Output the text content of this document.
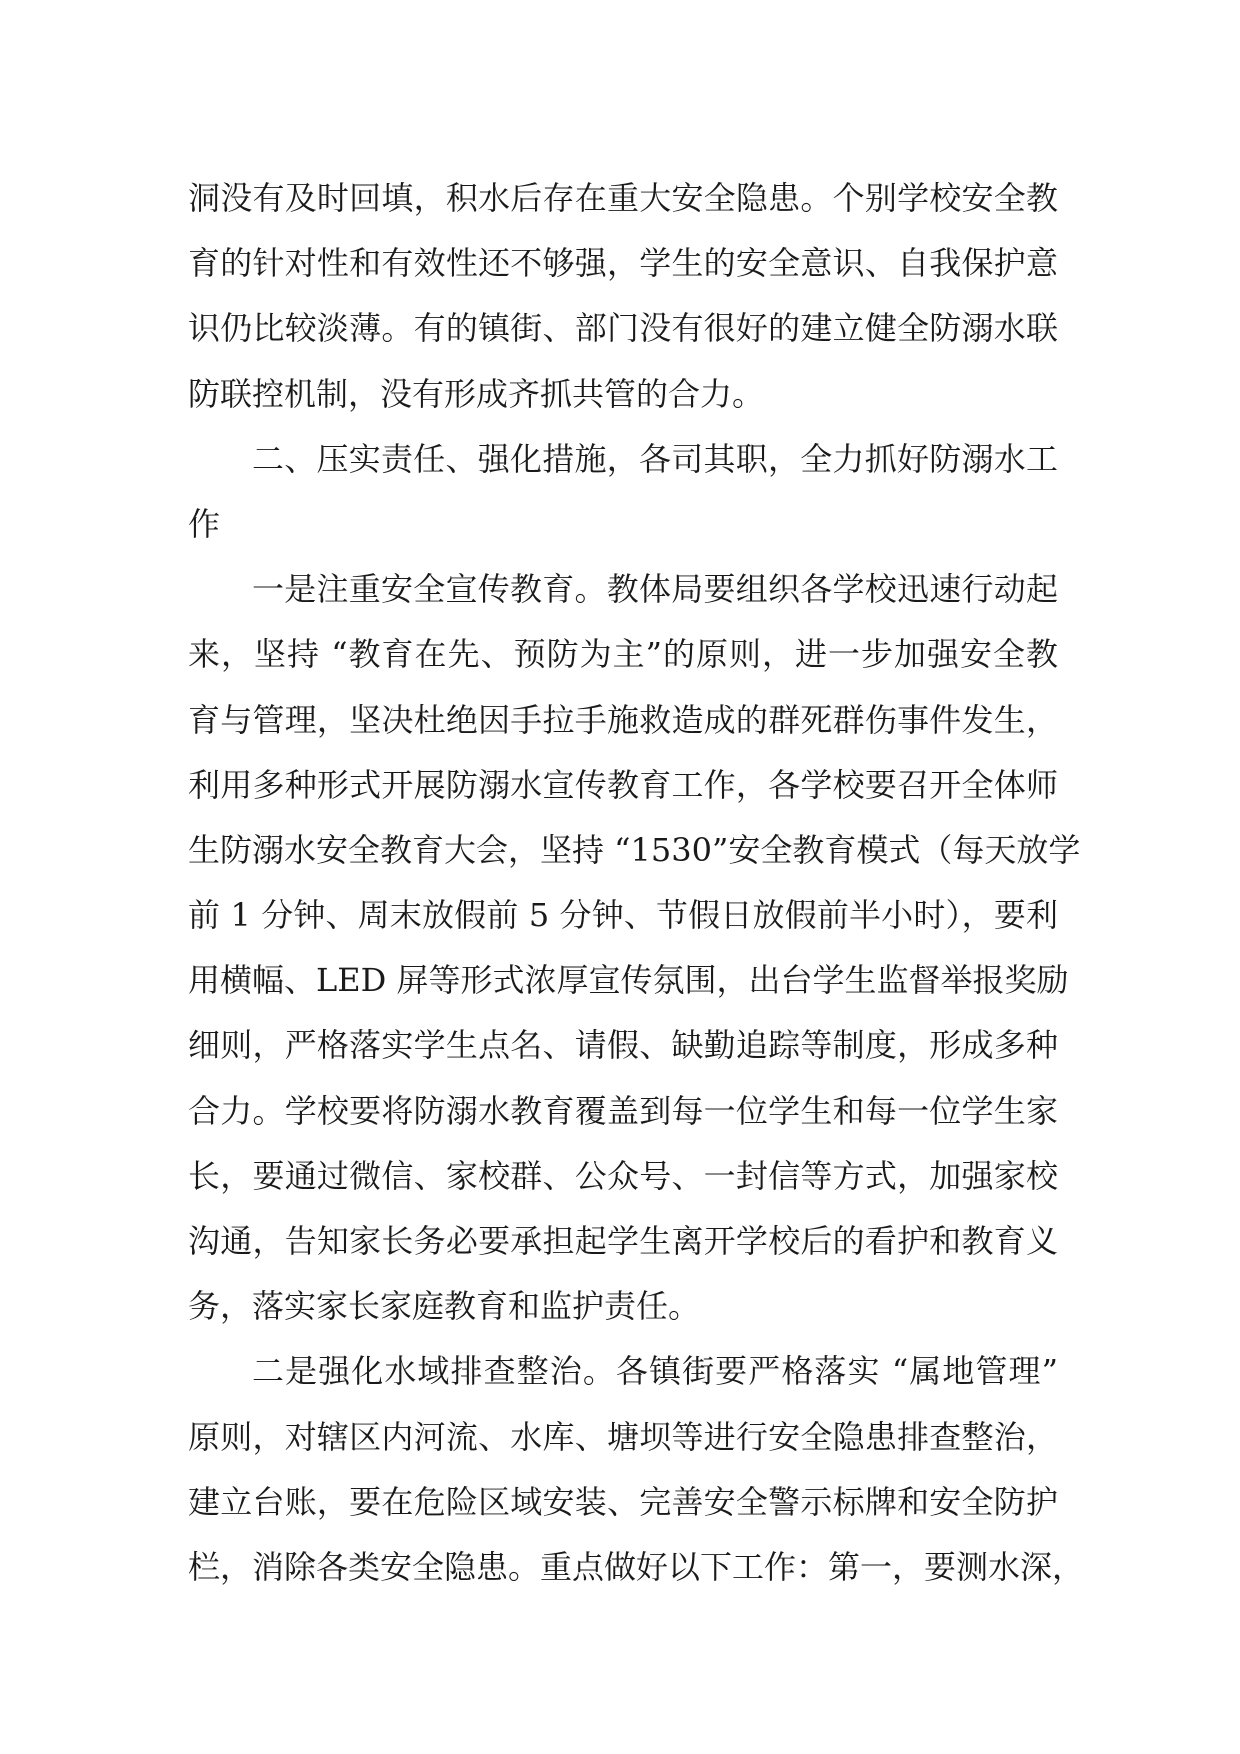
洞没有及时回填，积水后存在重大安全隐患。个别学校安全教
育的针对性和有效性还不够强，学生的安全意识、自我保护意
识仍比较淡薄。有的镇街、部门没有很好的建立健全防溺水联
防联控机制，没有形成齐抓共管的合力。
二、压实责任、强化措施，各司其职，全力抓好防溺水工
作
一是注重安全宣传教育。教体局要组织各学校迅速行动起
来，坚持 “教育在先、预防为主”的原则，进一步加强安全教
育与管理，坚决杜绝因手拉手施救造成的群死群伤事件发生，
利用多种形式开展防溺水宣传教育工作，各学校要召开全体师
生防溺水安全教育大会，坚持 “1530”安全教育模式（每天放学
前 1 分钟、周末放假前 5 分钟、节假日放假前半小时），要利
用横幅、LED 屏等形式浓厚宣传氛围，出台学生监督举报奖励
细则，严格落实学生点名、请假、缺勤追踪等制度，形成多种
合力。学校要将防溺水教育覆盖到每一位学生和每一位学生家
长，要通过微信、家校群、公众号、一封信等方式，加强家校
沟通，告知家长务必要承担起学生离开学校后的看护和教育义
务，落实家长家庭教育和监护责任。
二是强化水域排查整治。各镇街要严格落实 “属地管理”
原则，对辖区内河流、水库、塘坝等进行安全隐患排查整治，
建立台账，要在危险区域安装、完善安全警示标牌和安全防护
栏，消除各类安全隐患。重点做好以下工作：第一，要测水深，
